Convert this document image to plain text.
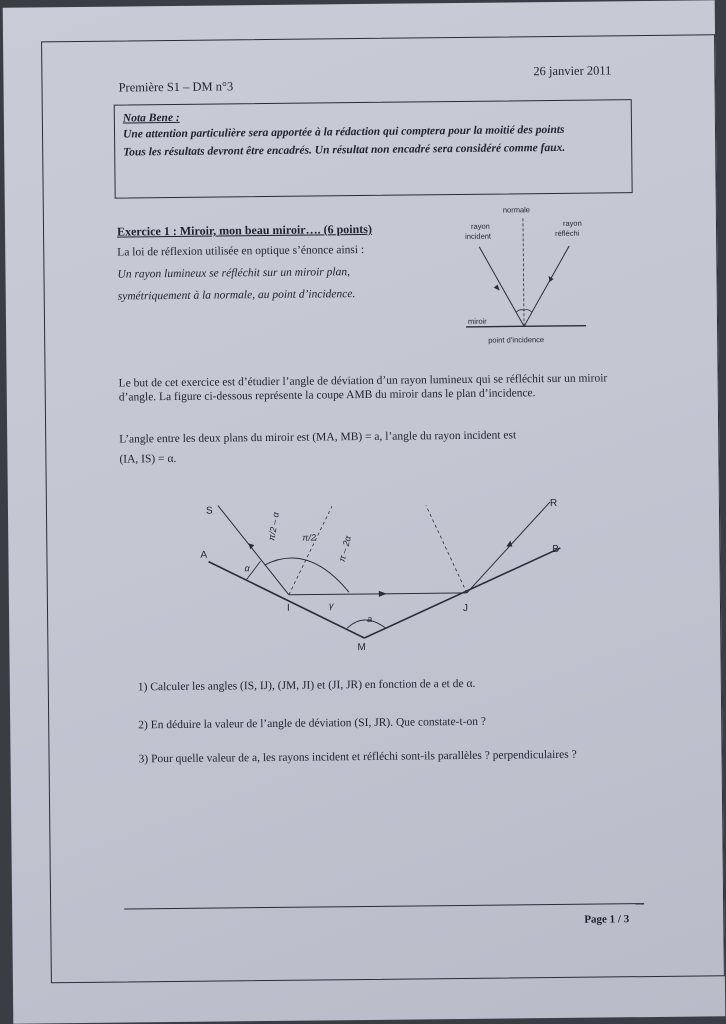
Première S1 – DM n°3
26 janvier 2011
Nota Bene :

Une attention particulière sera apportée à la rédaction qui comptera pour la moitié des points

Tous les résultats devront être encadrés. Un résultat non encadré sera considéré comme faux.

Exercice 1 : Miroir, mon beau miroir…. (6 points)
La loi de réflexion utilisée en optique s’énonce ainsi :
Un rayon lumineux se réfléchit sur un miroir plan,
symétriquement à la normale, au point d’incidence.
normale
rayon
incident
rayon
réfléchi
miroir
point d’incidence
Le but de cet exercice est d’étudier l’angle de déviation d’un rayon lumineux qui se réfléchit sur un miroir d’angle. La figure ci-dessous représente la coupe AMB du miroir dans le plan d’incidence.
L’angle entre les deux plans du miroir est (MA, MB) = a, l’angle du rayon incident est
(IA, IS) = α.
S
A
I
M
J
B
R
α
a
π/2 – α
π – 2α
π/2
γ
1) Calculer les angles (IS, IJ), (JM, JI) et (JI, JR) en fonction de a et de α.
2) En déduire la valeur de l’angle de déviation (SI, JR). Que constate-t-on ?
3) Pour quelle valeur de a, les rayons incident et réfléchi sont-ils parallèles ? perpendiculaires ?
Page 1 / 3
